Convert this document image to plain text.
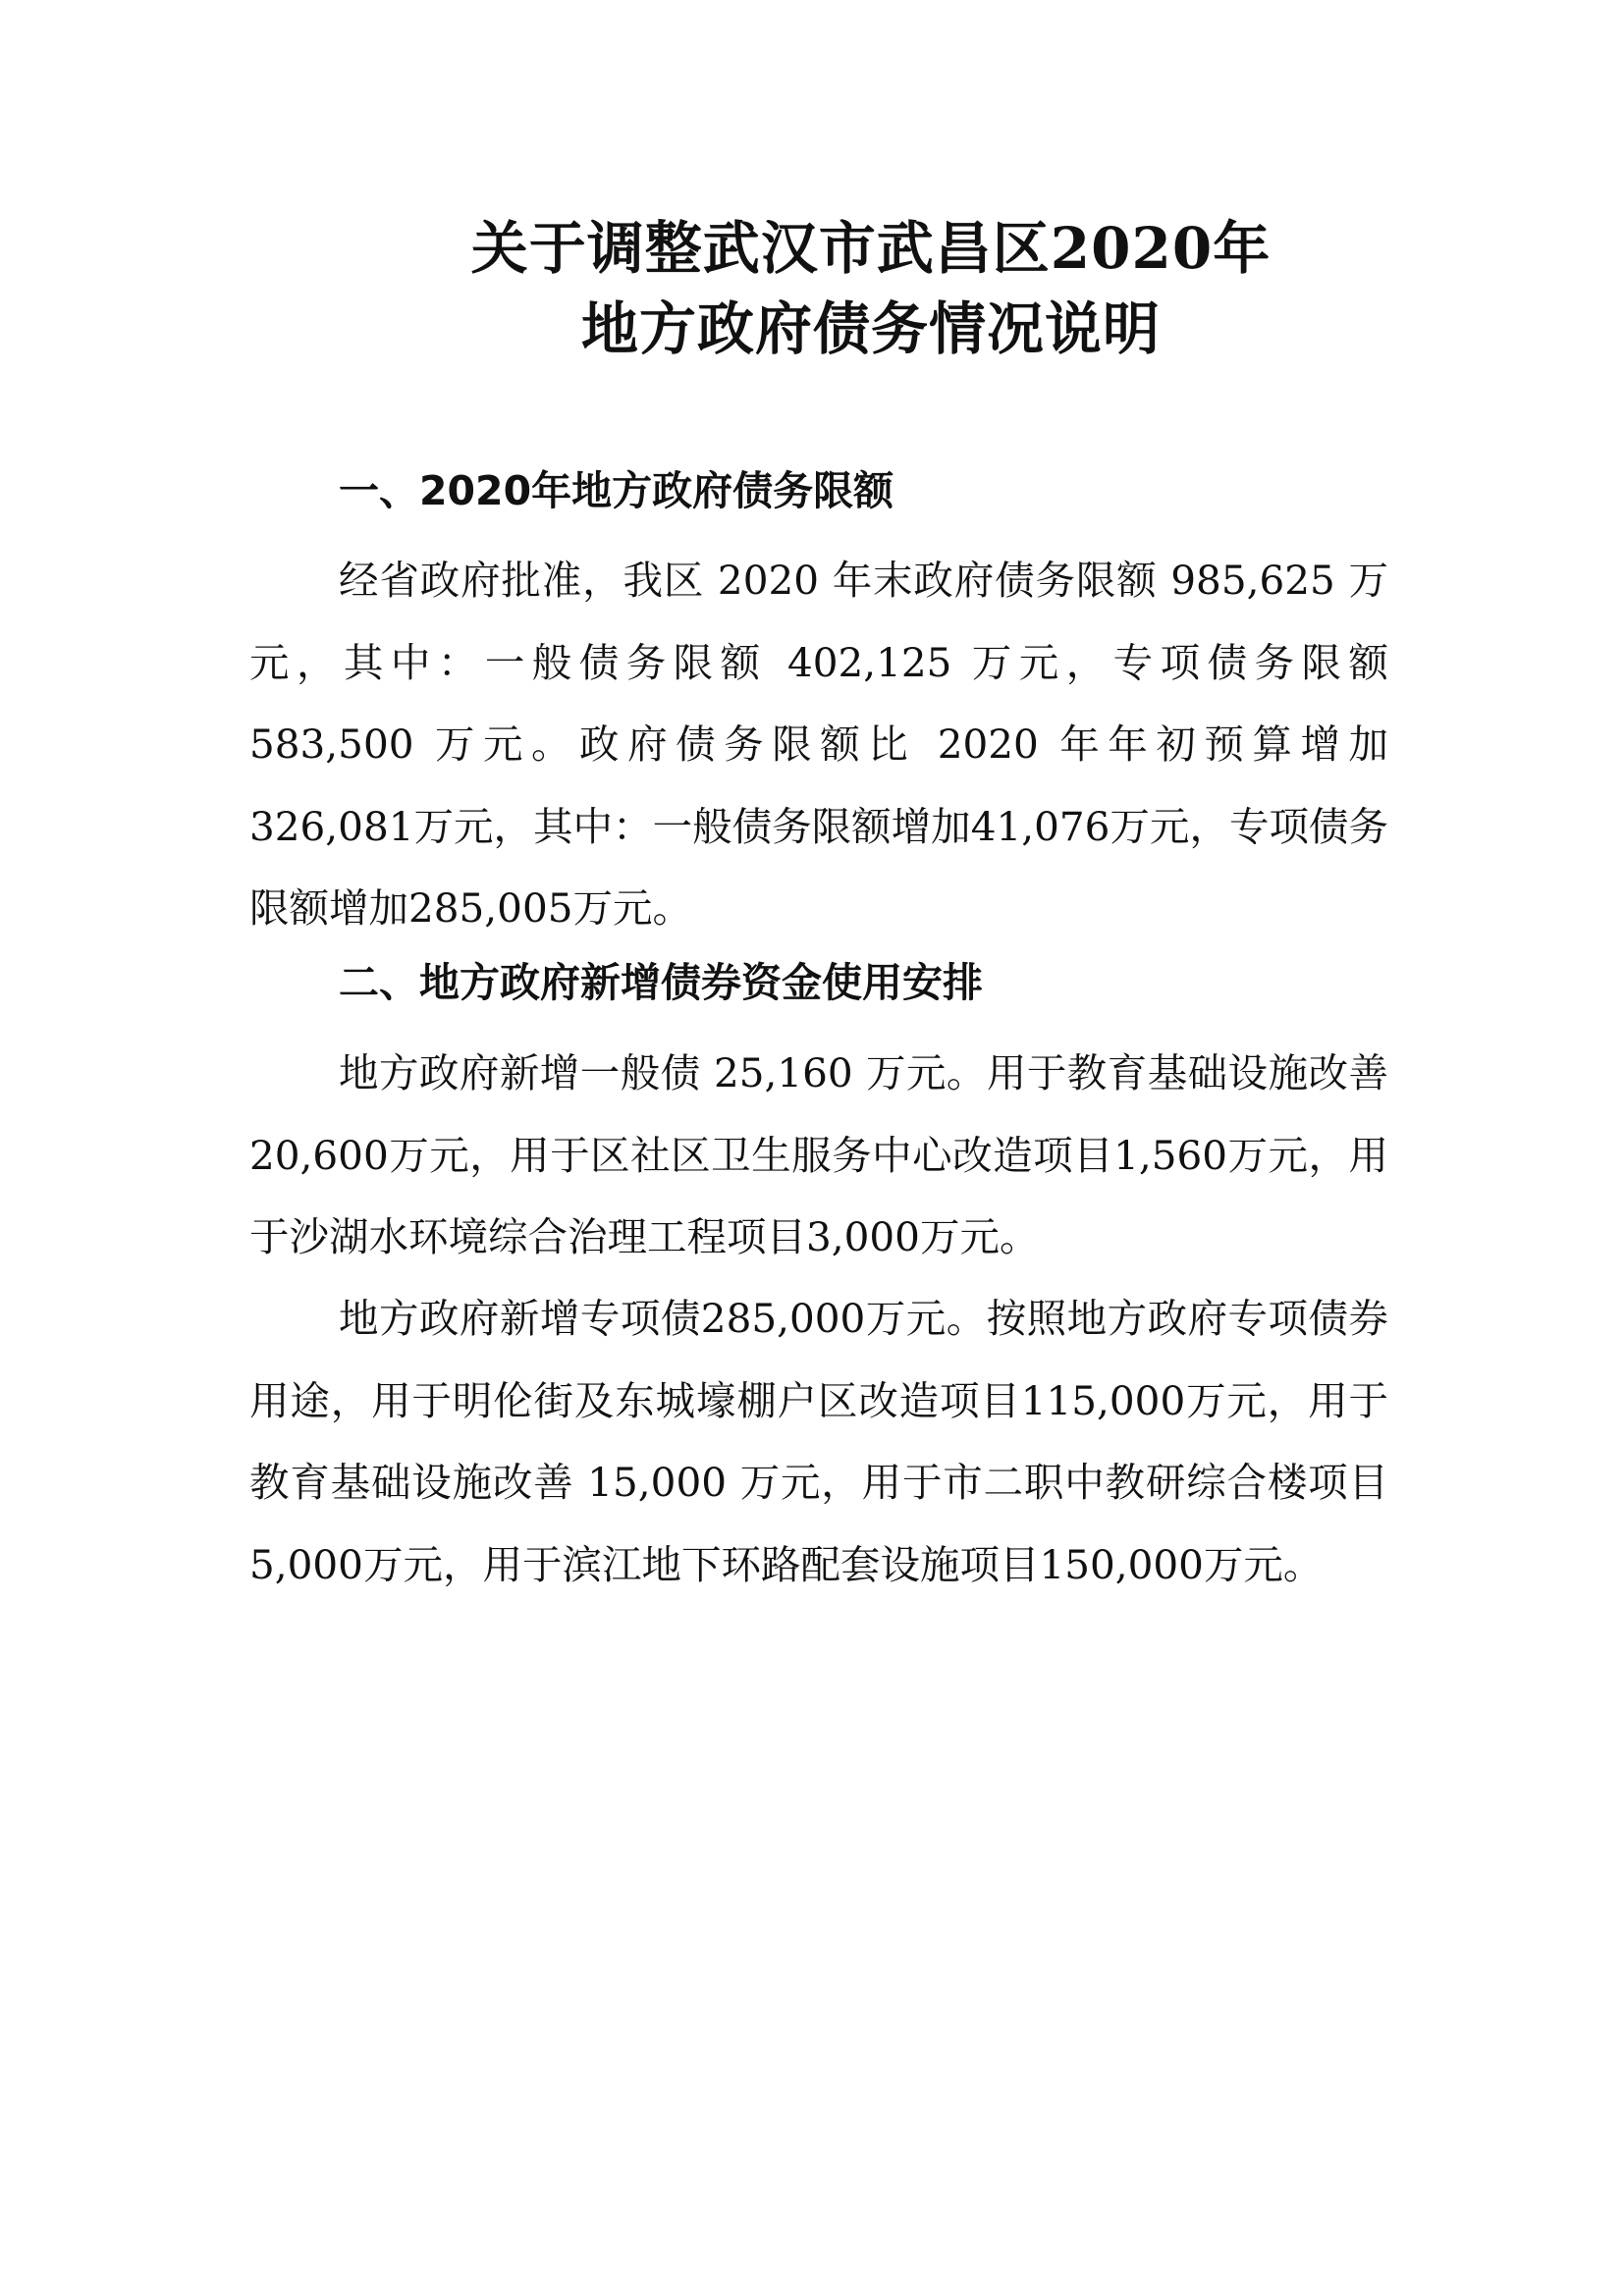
关于调整武汉市武昌区2020年
地方政府债务情况说明
一、2020年地方政府债务限额

经省政府批准，我区 2020 年末政府债务限额 985,625 万元，其中：一般债务限额 402,125 万元，专项债务限额 583,500 万元。政府债务限额比 2020 年年初预算增加 326,081万元，其中：一般债务限额增加41,076万元，专项债务限额增加285,005万元。

二、地方政府新增债券资金使用安排

地方政府新增一般债 25,160 万元。用于教育基础设施改善20,600万元，用于区社区卫生服务中心改造项目1,560万元，用于沙湖水环境综合治理工程项目3,000万元。

地方政府新增专项债285,000万元。按照地方政府专项债券用途，用于明伦街及东城壕棚户区改造项目115,000万元，用于教育基础设施改善 15,000 万元，用于市二职中教研综合楼项目5,000万元，用于滨江地下环路配套设施项目150,000万元。
